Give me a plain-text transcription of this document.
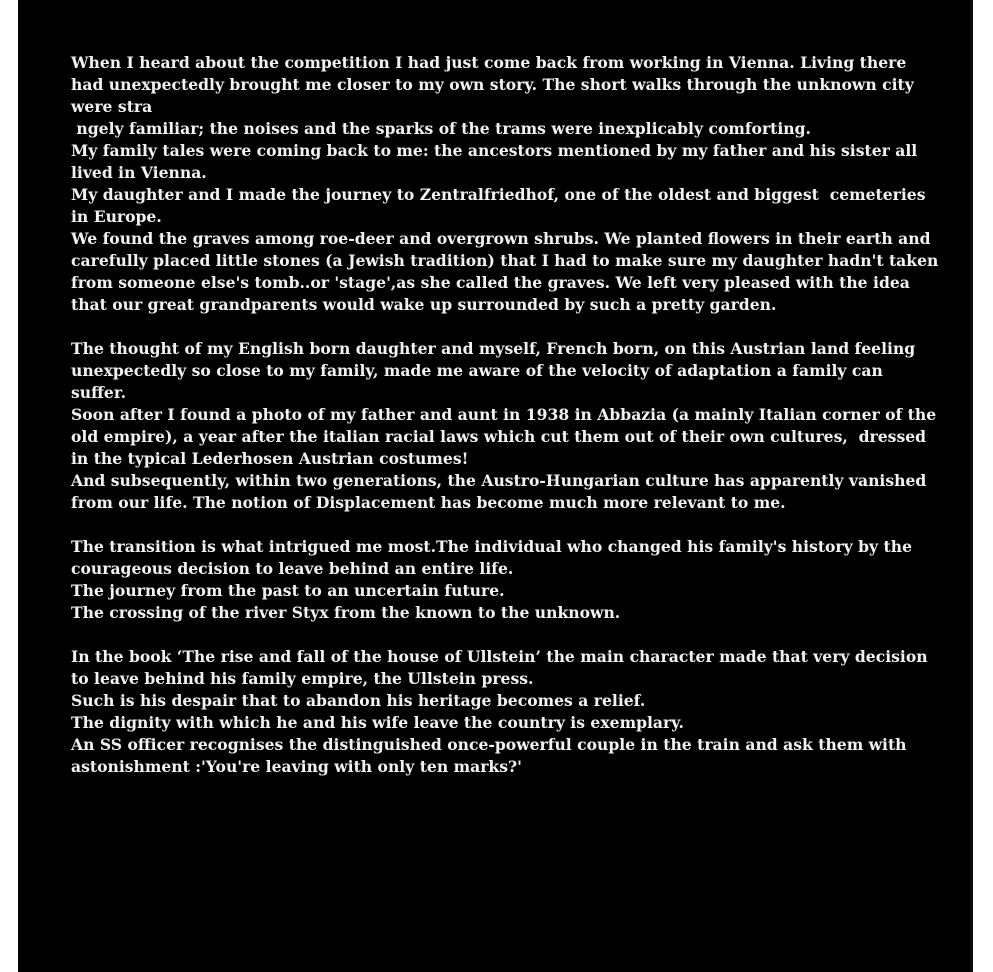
When I heard about the competition I had just come back from working in Vienna. Living there
had unexpectedly brought me closer to my own story. The short walks through the unknown city
were stra
ngely familiar; the noises and the sparks of the trams were inexplicably comforting.
My family tales were coming back to me: the ancestors mentioned by my father and his sister all
lived in Vienna.
My daughter and I made the journey to Zentralfriedhof, one of the oldest and biggest  cemeteries
in Europe.
We found the graves among roe-deer and overgrown shrubs. We planted flowers in their earth and
carefully placed little stones (a Jewish tradition) that I had to make sure my daughter hadn't taken
from someone else's tomb..or 'stage',as she called the graves. We left very pleased with the idea
that our great grandparents would wake up surrounded by such a pretty garden.
The thought of my English born daughter and myself, French born, on this Austrian land feeling
unexpectedly so close to my family, made me aware of the velocity of adaptation a family can
suffer.
Soon after I found a photo of my father and aunt in 1938 in Abbazia (a mainly Italian corner of the
old empire), a year after the italian racial laws which cut them out of their own cultures,  dressed
in the typical Lederhosen Austrian costumes!
And subsequently, within two generations, the Austro-Hungarian culture has apparently vanished
from our life. The notion of Displacement has become much more relevant to me.
The transition is what intrigued me most.The individual who changed his family's history by the
courageous decision to leave behind an entire life.
The journey from the past to an uncertain future.
The crossing of the river Styx from the known to the unknown.
In the book ‘The rise and fall of the house of Ullstein’ the main character made that very decision
to leave behind his family empire, the Ullstein press.
Such is his despair that to abandon his heritage becomes a relief.
The dignity with which he and his wife leave the country is exemplary.
An SS officer recognises the distinguished once-powerful couple in the train and ask them with
astonishment :'You're leaving with only ten marks?'
